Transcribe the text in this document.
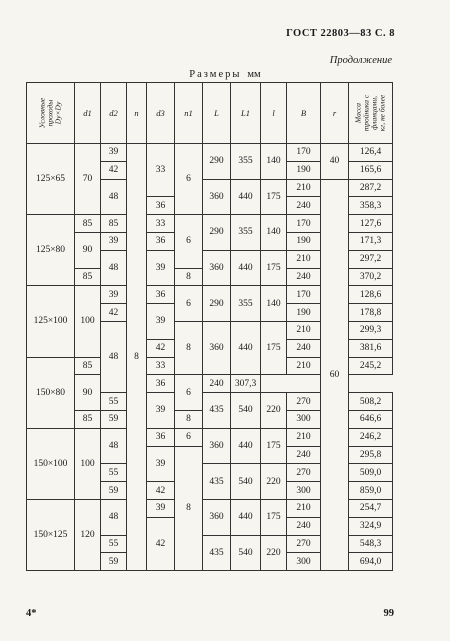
ГОСТ 22803—83 С. 8
Продолжение
Размеры мм
Условные проходы Dy×Dy	d1	d2	n	d3	n1	L	L1	l	B	r	Масса тройника с фланцами, кг, не более
125×65	70	39	8	33	6	290	355	140	170	40	126,4
		42							190		165,6
		48				360	440	175	210	60	287,2
				36					240		358,3
125×80	85	85		33	6	290	355	140	170		127,6
	90	39		36					190		171,3
		48		39		360	440	175	210		297,2
	85				8				240		370,2
125×100	100	39		36	6	290	355	140	170		128,6
		42		39					190		178,8
		48			8	360	440	175	210		299,3
				42					240		381,6
150×80	85			33					210		245,2
	90			36	6	240	307,3				
		55		39		435	540	220	270		508,2
	85	59			8				300		646,6
150×100	100	48		36	6	360	440	175	210		246,2
				39	8				240		295,8
		55				435	540	220	270		509,0
		59		42					300		859,0
150×125	120	48		39		360	440	175	210		254,7
				42					240		324,9
		55				435	540	220	270		548,3
		59							300		694,0
4*	99
